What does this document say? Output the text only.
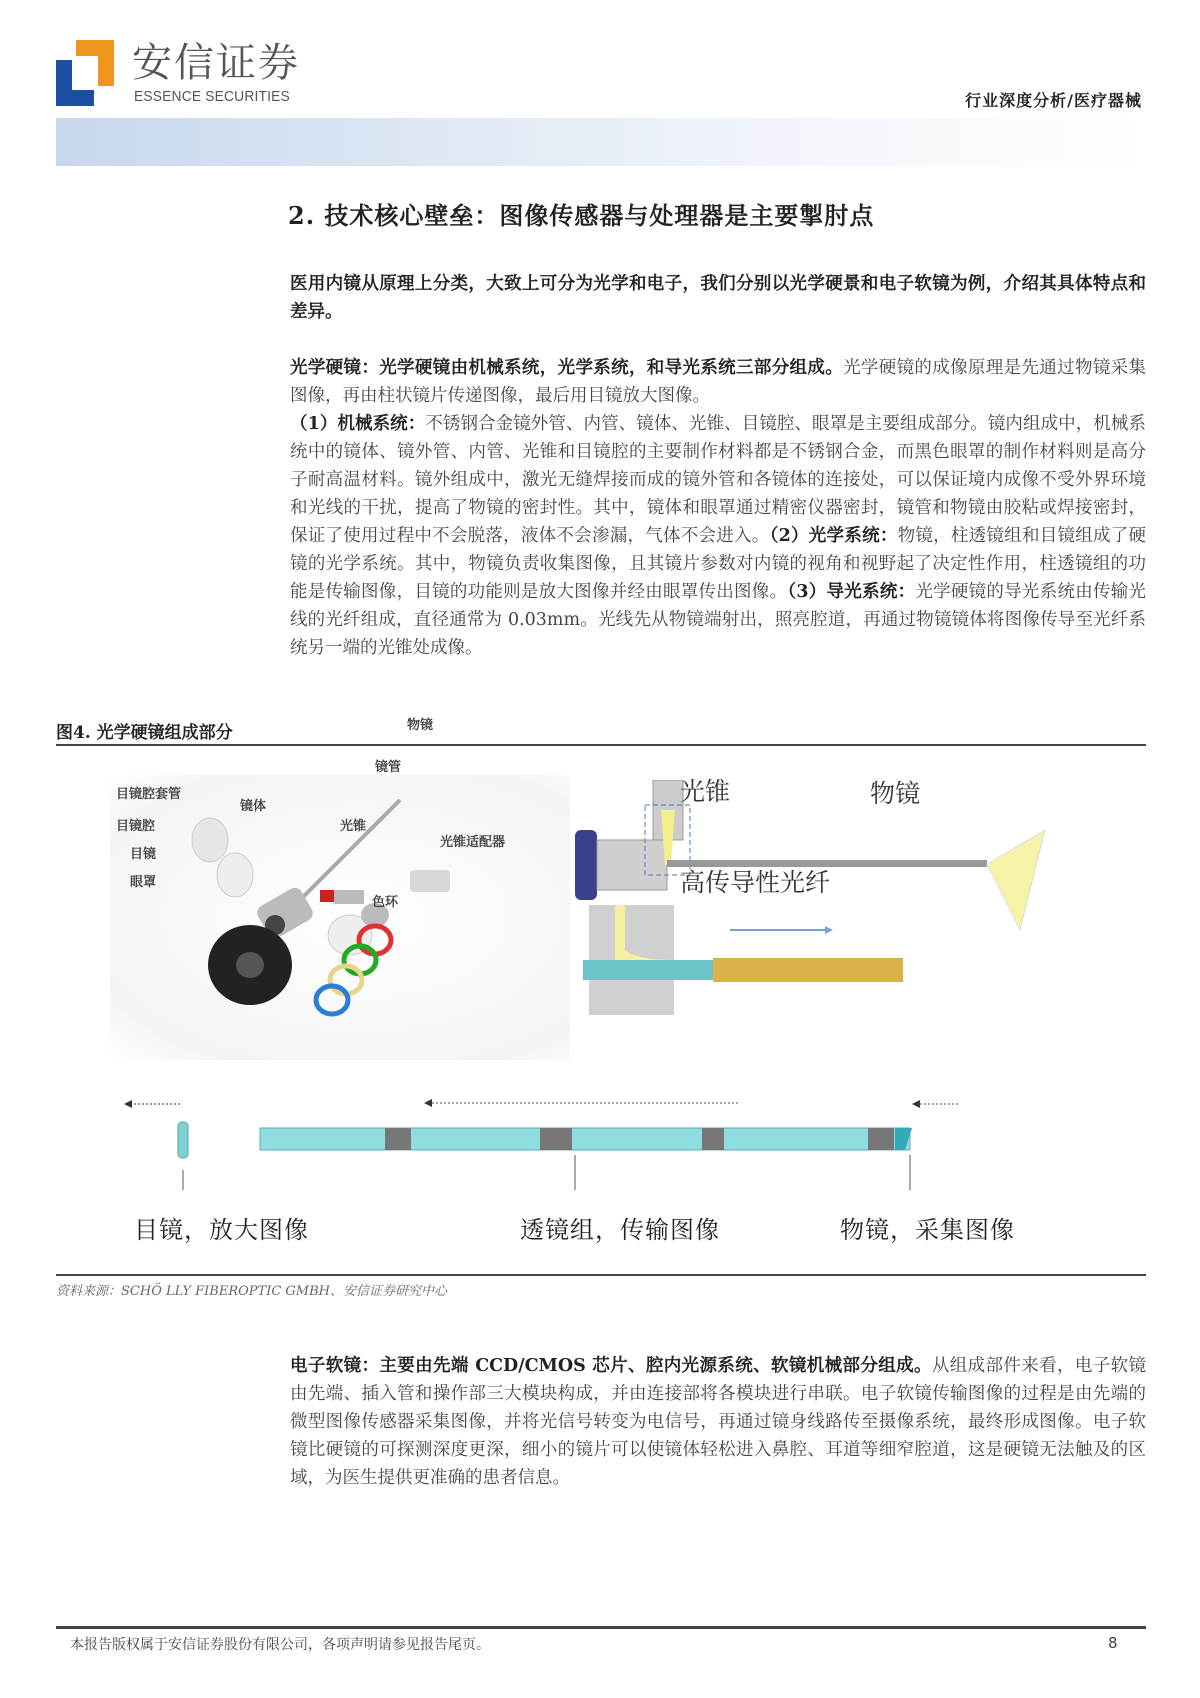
安信证券
ESSENCE SECURITIES	行业深度分析/医疗器械
2. 技术核心壁垒：图像传感器与处理器是主要掣肘点
医用内镜从原理上分类，大致上可分为光学和电子，我们分别以光学硬景和电子软镜为例，介绍其具体特点和差异。
光学硬镜：光学硬镜由机械系统，光学系统，和导光系统三部分组成。光学硬镜的成像原理是先通过物镜采集图像，再由柱状镜片传递图像，最后用目镜放大图像。
（1）机械系统：不锈钢合金镜外管、内管、镜体、光锥、目镜腔、眼罩是主要组成部分。镜内组成中，机械系统中的镜体、镜外管、内管、光锥和目镜腔的主要制作材料都是不锈钢合金，而黑色眼罩的制作材料则是高分子耐高温材料。镜外组成中，激光无缝焊接而成的镜外管和各镜体的连接处，可以保证境内成像不受外界环境和光线的干扰，提高了物镜的密封性。其中，镜体和眼罩通过精密仪器密封，镜管和物镜由胶粘或焊接密封，保证了使用过程中不会脱落，液体不会渗漏，气体不会进入。（2）光学系统：物镜，柱透镜组和目镜组成了硬镜的光学系统。其中，物镜负责收集图像，且其镜片参数对内镜的视角和视野起了决定性作用，柱透镜组的功能是传输图像，目镜的功能则是放大图像并经由眼罩传出图像。（3）导光系统：光学硬镜的导光系统由传输光线的光纤组成，直径通常为 0.03mm。光线先从物镜端射出，照亮腔道，再通过物镜镜体将图像传导至光纤系统另一端的光锥处成像。
图4. 光学硬镜组成部分	物镜
镜管
目镜腔套管
镜体
目镜腔	光锥
光锥适配器
目镜
眼罩
色环
光锥	物镜
高传导性光纤
目镜，放大图像	透镜组，传输图像	物镜，采集图像
资料来源：SCHÖ LLY FIBEROPTIC GMBH、安信证券研究中心
电子软镜：主要由先端 CCD/CMOS 芯片、腔内光源系统、软镜机械部分组成。从组成部件来看，电子软镜由先端、插入管和操作部三大模块构成，并由连接部将各模块进行串联。电子软镜传输图像的过程是由先端的微型图像传感器采集图像，并将光信号转变为电信号，再通过镜身线路传至摄像系统，最终形成图像。电子软镜比硬镜的可探测深度更深，细小的镜片可以使镜体轻松进入鼻腔、耳道等细窄腔道，这是硬镜无法触及的区域，为医生提供更准确的患者信息。
本报告版权属于安信证券股份有限公司，各项声明请参见报告尾页。	8
